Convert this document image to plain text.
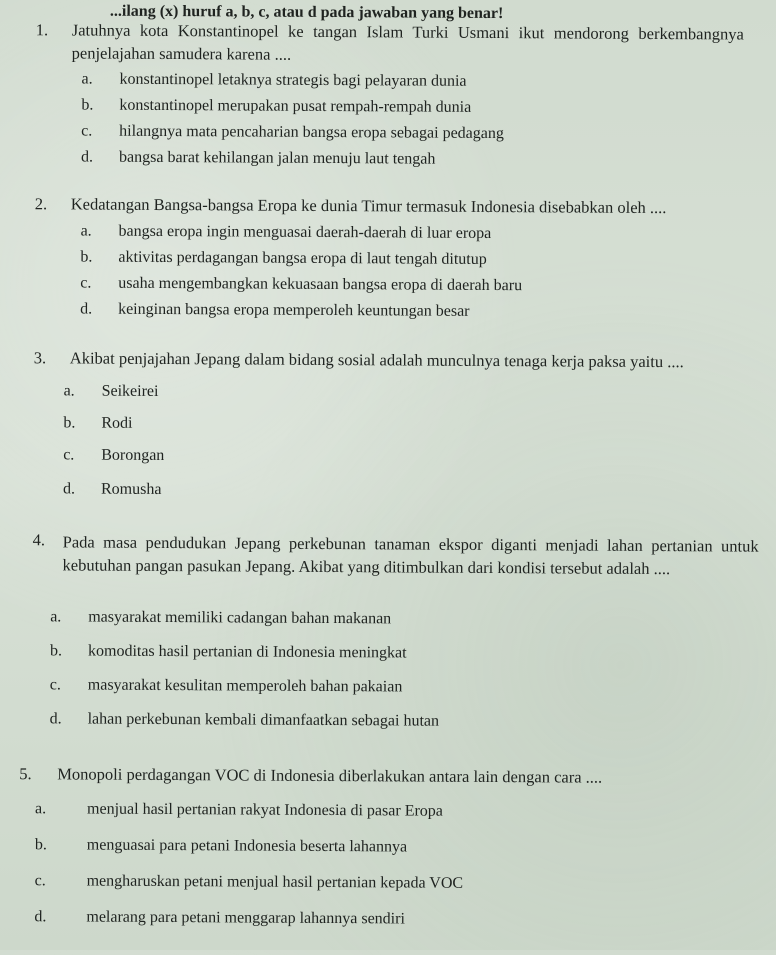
...ilang (x) huruf a, b, c, atau d pada jawaban yang benar!
1. Jatuhnya kota Konstantinopel ke tangan Islam Turki Usmani ikut mendorong berkembangnya penjelajahan samudera karena ....
a. konstantinopel letaknya strategis bagi pelayaran dunia
b. konstantinopel merupakan pusat rempah-rempah dunia
c. hilangnya mata pencaharian bangsa eropa sebagai pedagang
d. bangsa barat kehilangan jalan menuju laut tengah
2. Kedatangan Bangsa-bangsa Eropa ke dunia Timur termasuk Indonesia disebabkan oleh ....
a. bangsa eropa ingin menguasai daerah-daerah di luar eropa
b. aktivitas perdagangan bangsa eropa di laut tengah ditutup
c. usaha mengembangkan kekuasaan bangsa eropa di daerah baru
d. keinginan bangsa eropa memperoleh keuntungan besar
3. Akibat penjajahan Jepang dalam bidang sosial adalah munculnya tenaga kerja paksa yaitu ....
a. Seikeirei
b. Rodi
c. Borongan
d. Romusha
4. Pada masa pendudukan Jepang perkebunan tanaman ekspor diganti menjadi lahan pertanian untuk kebutuhan pangan pasukan Jepang. Akibat yang ditimbulkan dari kondisi tersebut adalah ....
a. masyarakat memiliki cadangan bahan makanan
b. komoditas hasil pertanian di Indonesia meningkat
c. masyarakat kesulitan memperoleh bahan pakaian
d. lahan perkebunan kembali dimanfaatkan sebagai hutan
5. Monopoli perdagangan VOC di Indonesia diberlakukan antara lain dengan cara ....
a.	menjual hasil pertanian rakyat Indonesia di pasar Eropa
b. menguasai para petani Indonesia beserta lahannya
c.	mengharuskan petani menjual hasil pertanian kepada VOC
d. melarang para petani menggarap lahannya sendiri
